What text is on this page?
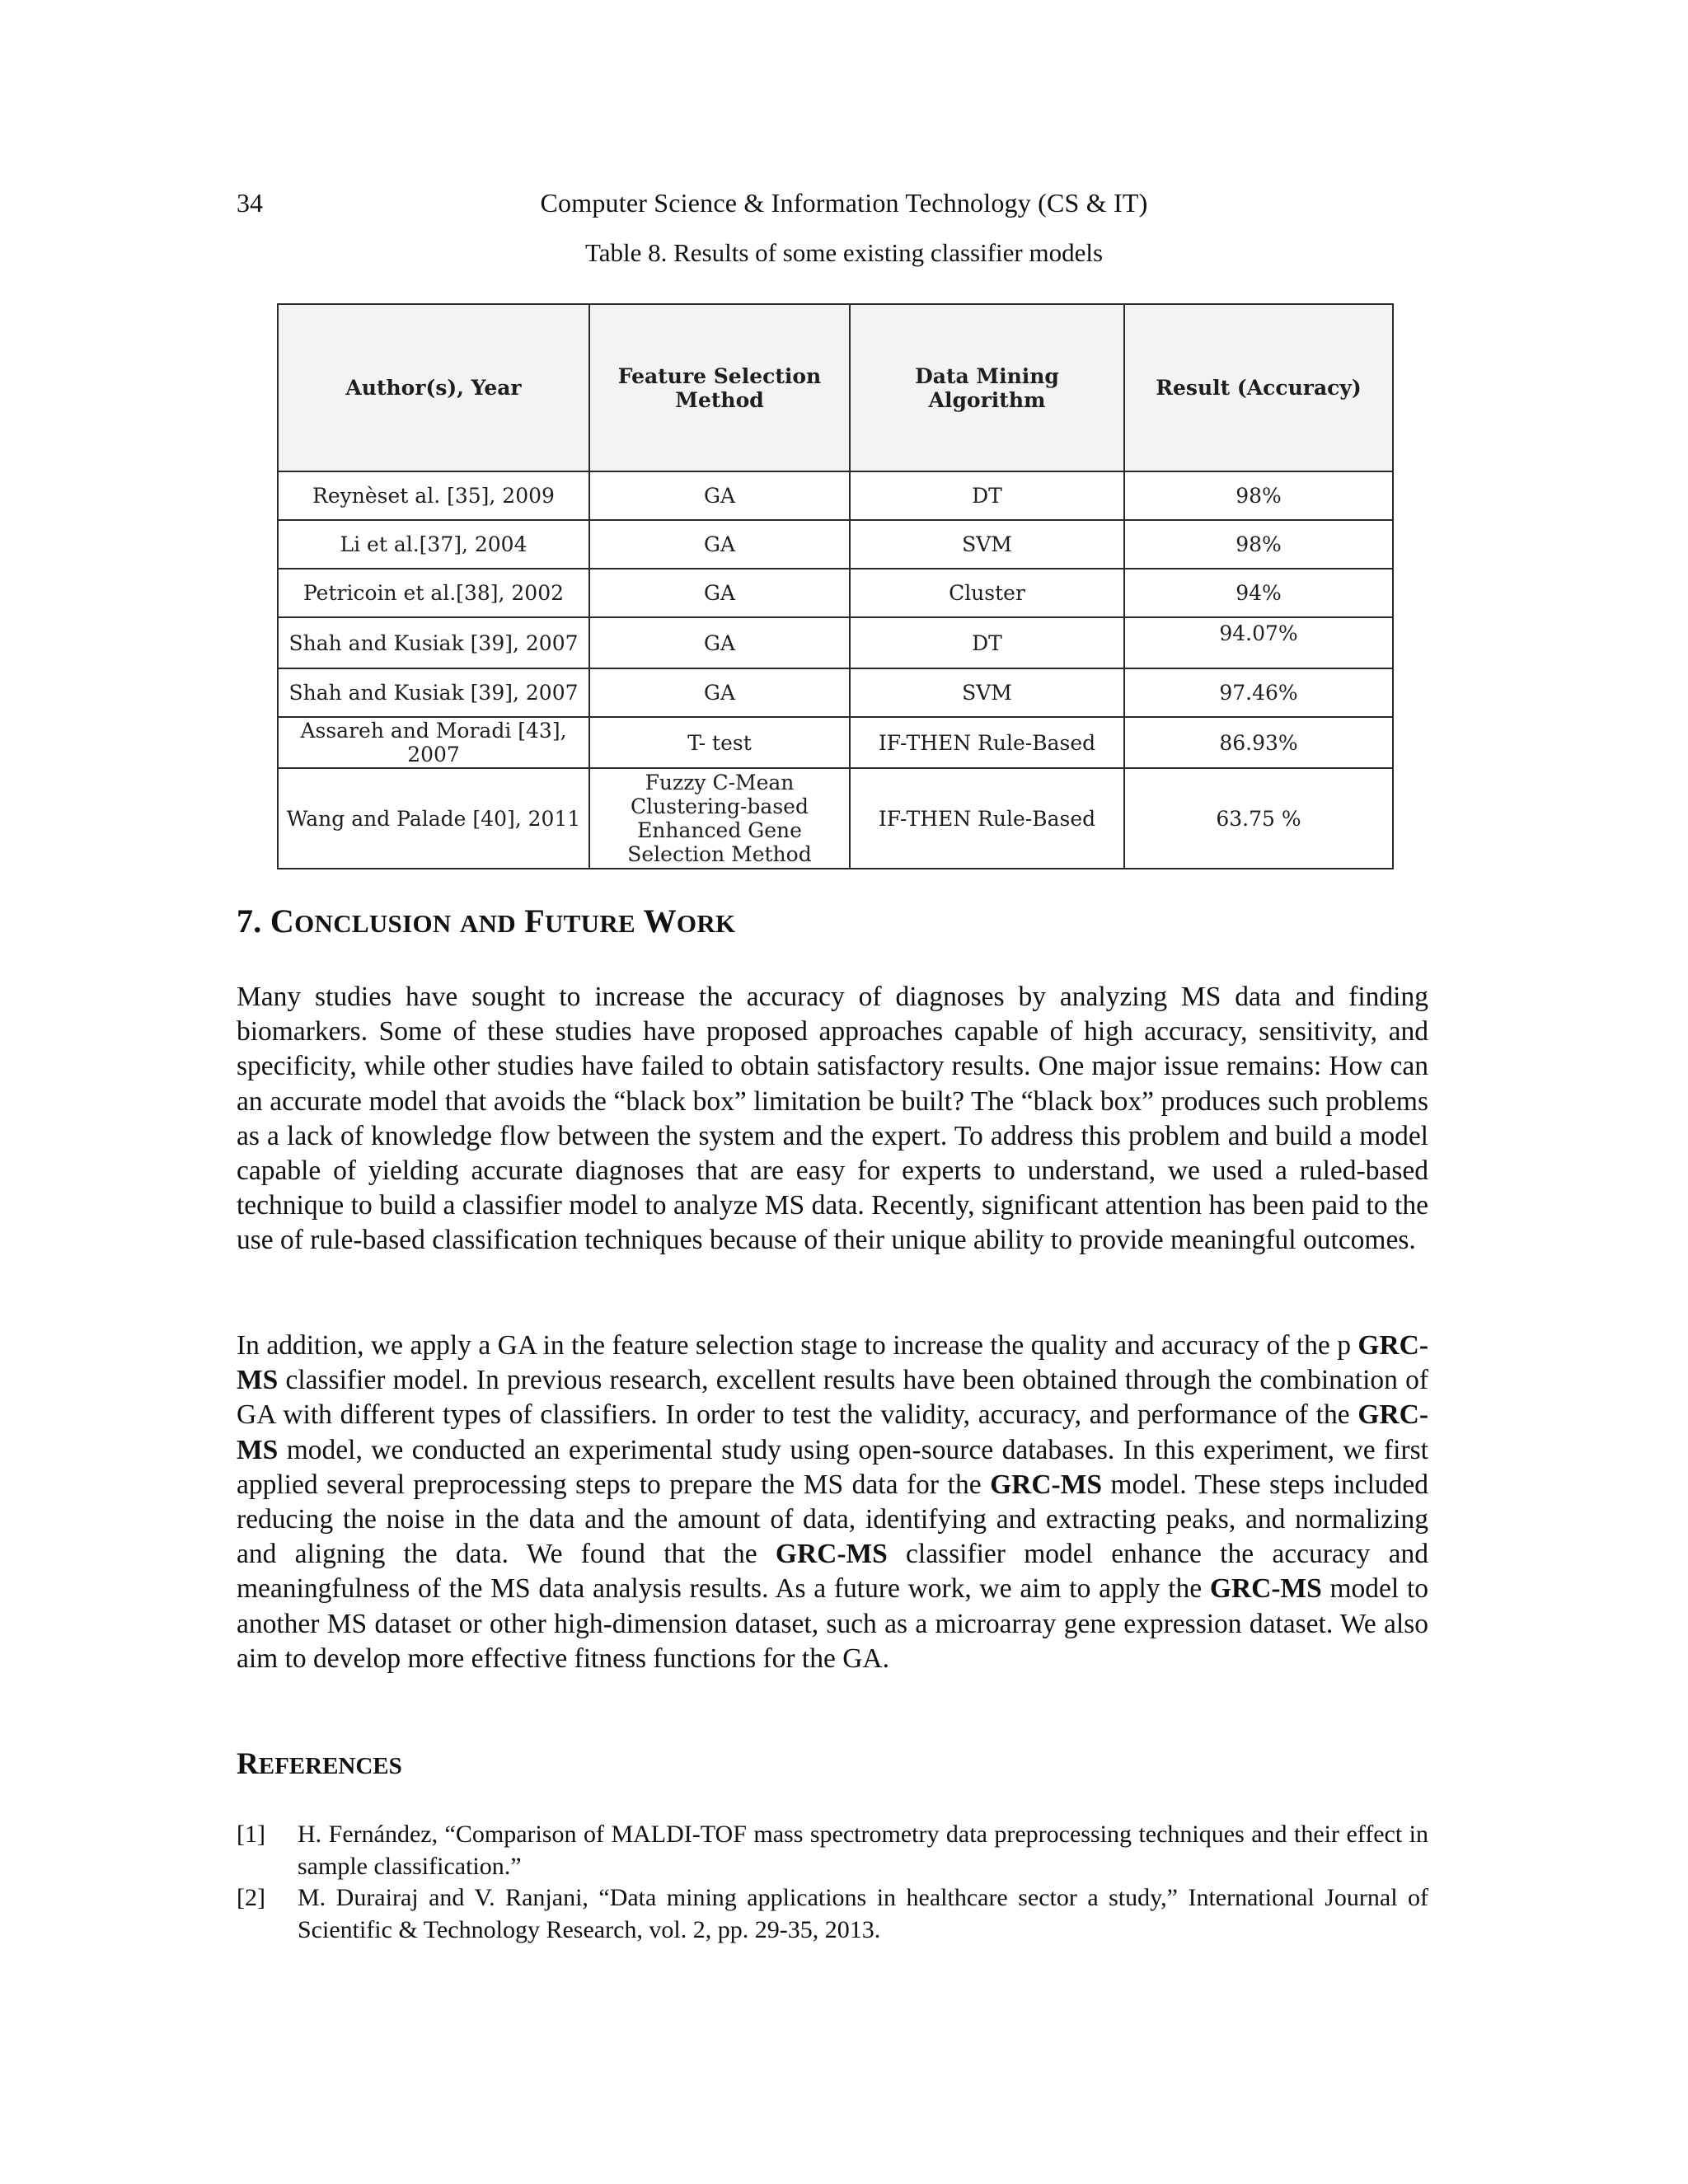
34	Computer Science & Information Technology (CS & IT)
Table 8. Results of some existing classifier models
Author(s), Year	Feature Selection Method	Data Mining Algorithm	Result (Accuracy)
Reynèset al. [35], 2009	GA	DT	98%
Li et al.[37], 2004	GA	SVM	98%
Petricoin et al.[38], 2002	GA	Cluster	94%
Shah and Kusiak [39], 2007	GA	DT	94.07%
Shah and Kusiak [39], 2007	GA	SVM	97.46%
Assareh and Moradi [43], 2007	T- test	IF-THEN Rule-Based	86.93%
Wang and Palade [40], 2011	Fuzzy C-Mean Clustering-based Enhanced Gene Selection Method	IF-THEN Rule-Based	63.75 %
7. CONCLUSION AND FUTURE WORK

Many studies have sought to increase the accuracy of diagnoses by analyzing MS data and finding biomarkers. Some of these studies have proposed approaches capable of high accuracy, sensitivity, and specificity, while other studies have failed to obtain satisfactory results. One major issue remains: How can an accurate model that avoids the “black box” limitation be built? The “black box” produces such problems as a lack of knowledge flow between the system and the expert. To address this problem and build a model capable of yielding accurate diagnoses that are easy for experts to understand, we used a ruled-based technique to build a classifier model to analyze MS data. Recently, significant attention has been paid to the use of rule-based classification techniques because of their unique ability to provide meaningful outcomes.

In addition, we apply a GA in the feature selection stage to increase the quality and accuracy of the p GRC-MS classifier model. In previous research, excellent results have been obtained through the combination of GA with different types of classifiers. In order to test the validity, accuracy, and performance of the GRC-MS model, we conducted an experimental study using open-source databases. In this experiment, we first applied several preprocessing steps to prepare the MS data for the GRC-MS model. These steps included reducing the noise in the data and the amount of data, identifying and extracting peaks, and normalizing and aligning the data. We found that the GRC-MS classifier model enhance the accuracy and meaningfulness of the MS data analysis results. As a future work, we aim to apply the GRC-MS model to another MS dataset or other high-dimension dataset, such as a microarray gene expression dataset. We also aim to develop more effective fitness functions for the GA.

REFERENCES
[1] H. Fernández, “Comparison of MALDI-TOF mass spectrometry data preprocessing techniques and their effect in sample classification.”
[2] M. Durairaj and V. Ranjani, “Data mining applications in healthcare sector a study,” International Journal of Scientific & Technology Research, vol. 2, pp. 29-35, 2013.
